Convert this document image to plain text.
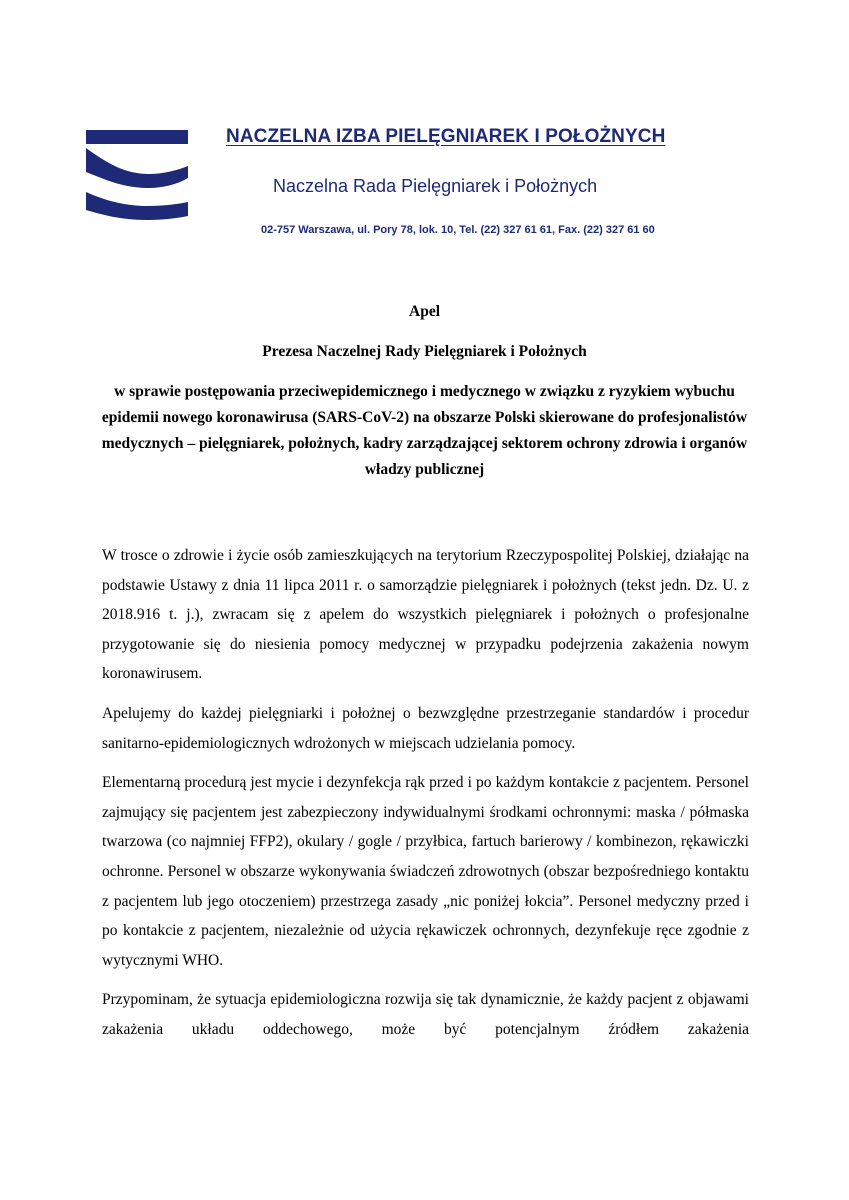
NACZELNA IZBA PIELĘGNIAREK I POŁOŻNYCH
Naczelna Rada Pielęgniarek i Położnych
02-757 Warszawa, ul. Pory 78, lok. 10, Tel. (22) 327 61 61, Fax. (22) 327 61 60
Apel
Prezesa Naczelnej Rady Pielęgniarek i Położnych
w sprawie postępowania przeciwepidemicznego i medycznego w związku z ryzykiem wybuchu epidemii nowego koronawirusa (SARS-CoV-2) na obszarze Polski skierowane do profesjonalistów medycznych – pielęgniarek, położnych, kadry zarządzającej sektorem ochrony zdrowia i organów władzy publicznej

W trosce o zdrowie i życie osób zamieszkujących na terytorium Rzeczypospolitej Polskiej, działając na podstawie Ustawy z dnia 11 lipca 2011 r. o samorządzie pielęgniarek i położnych (tekst jedn. Dz. U. z 2018.916 t. j.), zwracam się z apelem do wszystkich pielęgniarek i położnych o profesjonalne przygotowanie się do niesienia pomocy medycznej w przypadku podejrzenia zakażenia nowym koronawirusem.

Apelujemy do każdej pielęgniarki i położnej o bezwzględne przestrzeganie standardów i procedur sanitarno-epidemiologicznych wdrożonych w miejscach udzielania pomocy.

Elementarną procedurą jest mycie i dezynfekcja rąk przed i po każdym kontakcie z pacjentem. Personel zajmujący się pacjentem jest zabezpieczony indywidualnymi środkami ochronnymi: maska / półmaska twarzowa (co najmniej FFP2), okulary / gogle / przyłbica, fartuch barierowy / kombinezon, rękawiczki ochronne. Personel w obszarze wykonywania świadczeń zdrowotnych (obszar bezpośredniego kontaktu z pacjentem lub jego otoczeniem) przestrzega zasady „nic poniżej łokcia”. Personel medyczny przed i po kontakcie z pacjentem, niezależnie od użycia rękawiczek ochronnych, dezynfekuje ręce zgodnie z wytycznymi WHO.

Przypominam, że sytuacja epidemiologiczna rozwija się tak dynamicznie, że każdy pacjent z objawami zakażenia układu oddechowego, może być potencjalnym źródłem zakażenia
